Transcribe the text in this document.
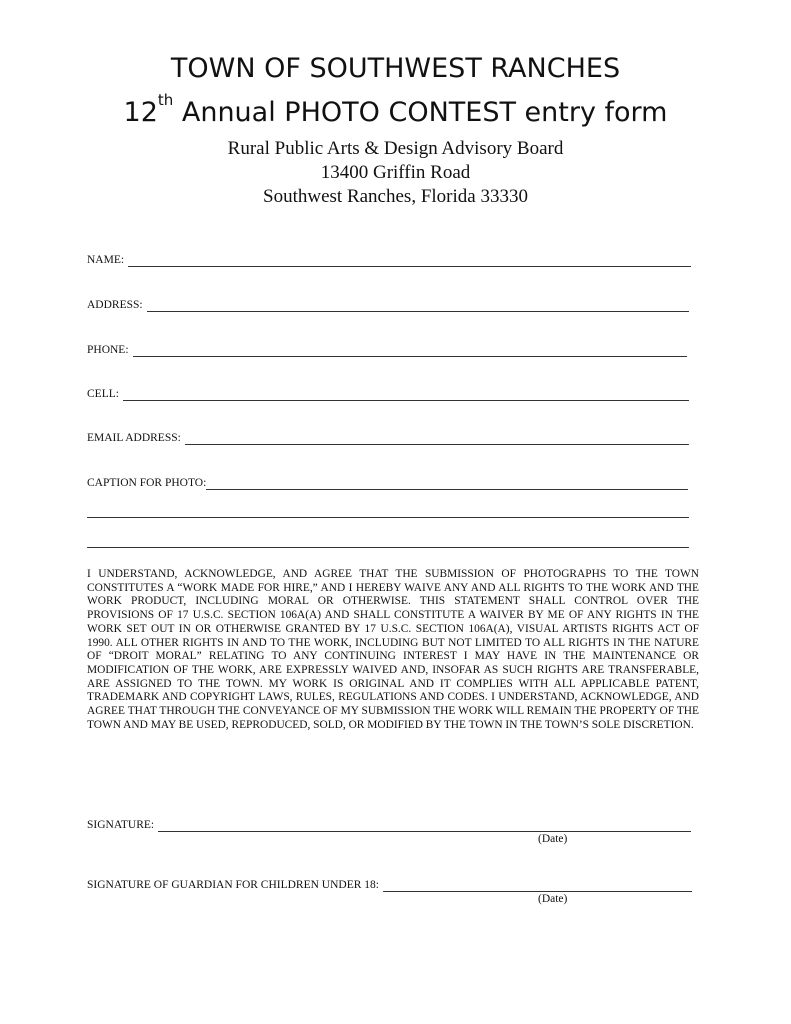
TOWN OF SOUTHWEST RANCHES
12th Annual PHOTO CONTEST entry form
Rural Public Arts & Design Advisory Board
13400 Griffin Road
Southwest Ranches, Florida 33330
NAME:
ADDRESS:
PHONE:
CELL:
EMAIL ADDRESS:
CAPTION FOR PHOTO:
I UNDERSTAND, ACKNOWLEDGE, AND AGREE THAT THE SUBMISSION OF PHOTOGRAPHS TO THE TOWN CONSTITUTES A “WORK MADE FOR HIRE,” AND I HEREBY WAIVE ANY AND ALL RIGHTS TO THE WORK AND THE WORK PRODUCT, INCLUDING MORAL OR OTHERWISE. THIS STATEMENT SHALL CONTROL OVER THE PROVISIONS OF 17 U.S.C. SECTION 106A(A) AND SHALL CONSTITUTE A WAIVER BY ME OF ANY RIGHTS IN THE WORK SET OUT IN OR OTHERWISE GRANTED BY 17 U.S.C. SECTION 106A(A), VISUAL ARTISTS RIGHTS ACT OF 1990. ALL OTHER RIGHTS IN AND TO THE WORK, INCLUDING BUT NOT LIMITED TO ALL RIGHTS IN THE NATURE OF “DROIT MORAL” RELATING TO ANY CONTINUING INTEREST I MAY HAVE IN THE MAINTENANCE OR MODIFICATION OF THE WORK, ARE EXPRESSLY WAIVED AND, INSOFAR AS SUCH RIGHTS ARE TRANSFERABLE, ARE ASSIGNED TO THE TOWN. MY WORK IS ORIGINAL AND IT COMPLIES WITH ALL APPLICABLE PATENT, TRADEMARK AND COPYRIGHT LAWS, RULES, REGULATIONS AND CODES. I UNDERSTAND, ACKNOWLEDGE, AND AGREE THAT THROUGH THE CONVEYANCE OF MY SUBMISSION THE WORK WILL REMAIN THE PROPERTY OF THE TOWN AND MAY BE USED, REPRODUCED, SOLD, OR MODIFIED BY THE TOWN IN THE TOWN’S SOLE DISCRETION.
SIGNATURE:
(Date)
SIGNATURE OF GUARDIAN FOR CHILDREN UNDER 18:
(Date)
